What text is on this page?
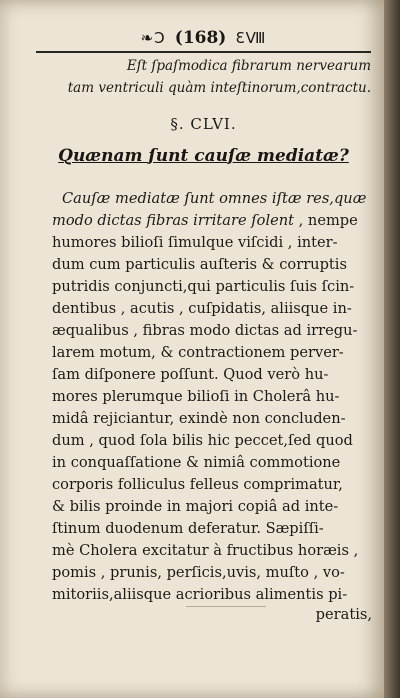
❧Ɔ (168) ƐⅧ
Eſt ſpaſmodica fibrarum nervearum
tam ventriculi quàm inteſtinorum,contractu.
§. CLVI.
Quænam ſunt cauſæ mediatæ?
Cauſæ mediatæ ſunt omnes iſtæ res,quæ
modo dictas fibras irritare ſolent , nempe
humores bilioſi ſimulque viſcidi , inter-
dum cum particulis auſteris & corruptis
putridis conjuncti,qui particulis ſuis ſcin-
dentibus , acutis , cuſpidatis, aliisque in-
æqualibus , fibras modo dictas ad irregu-
larem motum, & contractionem perver-
ſam diſponere poſſunt. Quod verò hu-
mores plerumque bilioſi in Cholerâ hu-
midâ rejiciantur, exindè non concluden-
dum , quod ſola bilis hic peccet,ſed quod
in conquaſſatione & nimiâ commotione
corporis folliculus felleus comprimatur,
& bilis proinde in majori copiâ ad inte-
ſtinum duodenum deferatur. Sæpiſſi-
mè Cholera excitatur à fructibus horæis ,
pomis , prunis, perſicis,uvis, muſto , vo-
mitoriis,aliisque acrioribus alimentis pi-
peratis,
